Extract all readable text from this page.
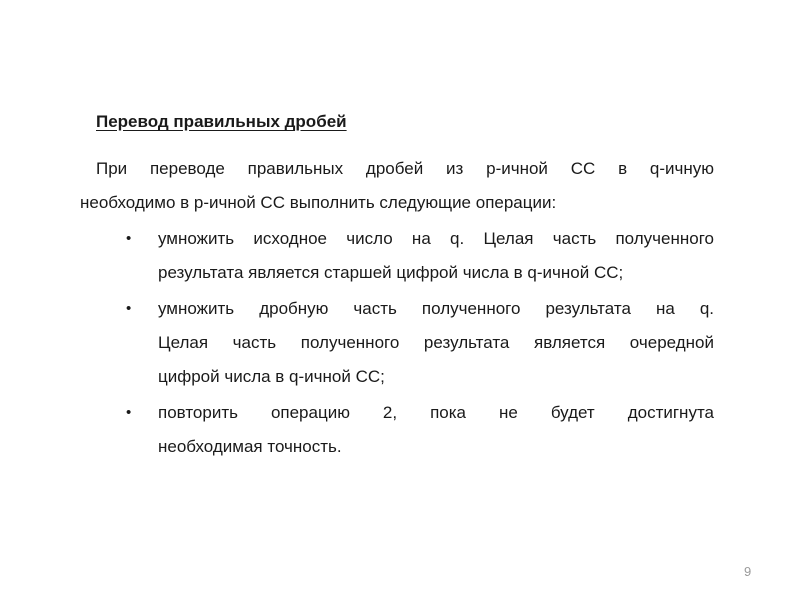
Перевод правильных дробей
При переводе правильных дробей из p-ичной СС в q-ичную
необходимо в p-ичной СС выполнить следующие операции:
• умножить исходное число на q. Целая часть полученного
результата является старшей цифрой числа в q-ичной СС;
• умножить дробную часть полученного результата на q.
Целая часть полученного результата является очередной
цифрой числа в q-ичной СС;
• повторить операцию 2, пока не будет достигнута
необходимая точность.
9
